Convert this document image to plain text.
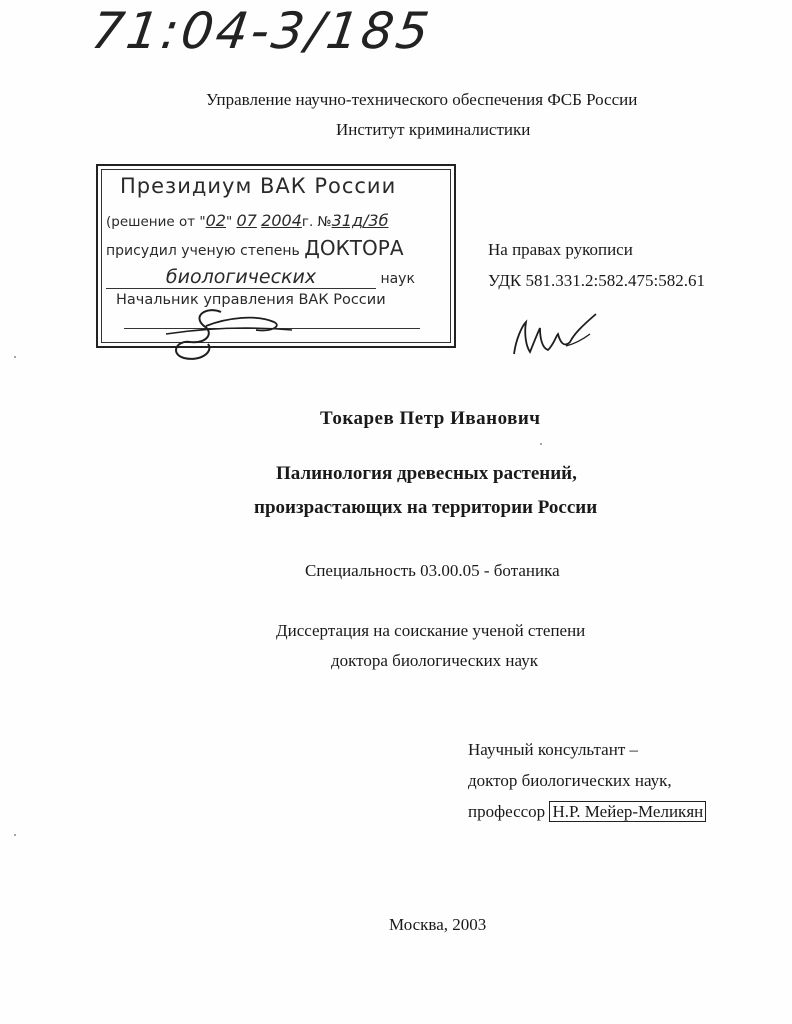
71:04-3/185
Управление научно-технического обеспечения ФСБ России
Институт криминалистики
Президиум ВАК России
(решение от "02" 07 2004г. №31д/3б
присудил ученую степень ДОКТОРА
биологических	наук
Начальник управления ВАК России
На правах рукописи
УДК 581.331.2:582.475:582.61
Токарев Петр Иванович
Палинология древесных растений,
произрастающих на территории России
Специальность 03.00.05 - ботаника
Диссертация на соискание ученой степени
доктора биологических наук
Научный консультант –
доктор биологических наук,
профессор Н.Р. Мейер-Меликян
Москва, 2003
